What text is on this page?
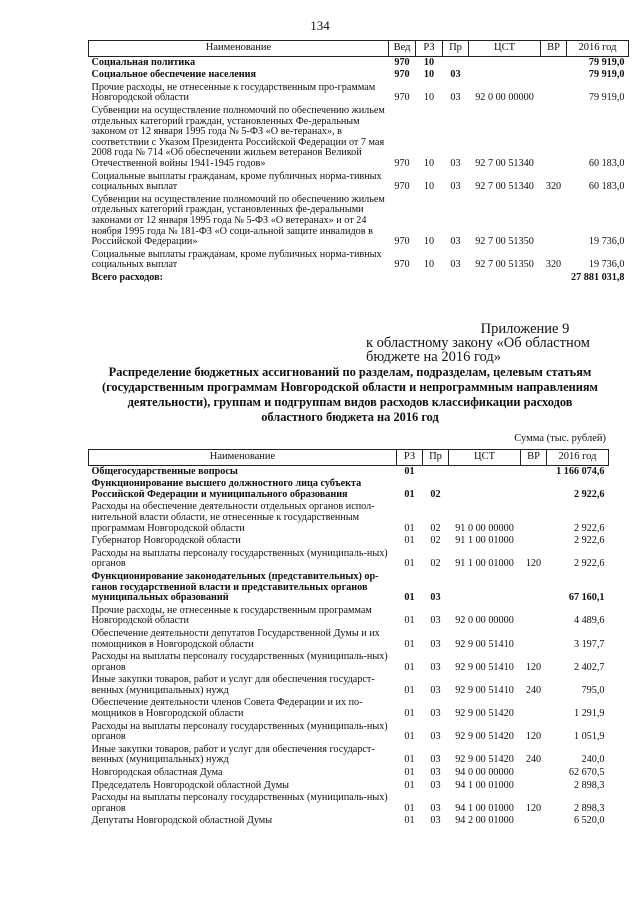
134
Наименование	Вед	РЗ	Пр	ЦСТ	ВР	2016 год
Социальная политика	970	10				79 919,0
Социальное обеспечение населения	970	10	03			79 919,0
Прочие расходы, не отнесенные к государственным про-граммам Новгородской области	970	10	03	92 0 00 00000		79 919,0
Субвенции на осуществление полномочий по обеспечению жильем отдельных категорий граждан, установленных Фе-деральным законом от 12 января 1995 года № 5-ФЗ «О ве-теранах», в соответствии с Указом Президента Российской Федерации от 7 мая 2008 года № 714 «Об обеспечении жильем ветеранов Великой Отечественной войны 1941-1945 годов»	970	10	03	92 7 00 51340		60 183,0
Социальные выплаты гражданам, кроме публичных норма-тивных социальных выплат	970	10	03	92 7 00 51340	320	60 183,0
Субвенции на осуществление полномочий по обеспечению жильем отдельных категорий граждан, установленных фе-деральными законами от 12 января 1995 года № 5-ФЗ «О ветеранах» и от 24 ноября 1995 года № 181-ФЗ «О соци-альной защите инвалидов в Российской Федерации»	970	10	03	92 7 00 51350		19 736,0
Социальные выплаты гражданам, кроме публичных норма-тивных социальных выплат	970	10	03	92 7 00 51350	320	19 736,0
Всего расходов:						27 881 031,8
Приложение 9
к областному закону «Об областном
бюджете на 2016 год»
Распределение бюджетных ассигнований по разделам, подразделам, целевым статьям (государственным программам Новгородской области и непрограммным направлениям деятельности), группам и подгруппам видов расходов классификации расходов областного бюджета на 2016 год
Сумма (тыс. рублей)
Наименование	РЗ	Пр	ЦСТ	ВР	2016 год
Общегосударственные вопросы	01				1 166 074,6
Функционирование высшего должностного лица субъекта Российской Федерации и муниципального образования	01	02			2 922,6
Расходы на обеспечение деятельности отдельных органов испол-нительной власти области, не отнесенные к государственным программам Новгородской области	01	02	91 0 00 00000		2 922,6
Губернатор Новгородской области	01	02	91 1 00 01000		2 922,6
Расходы на выплаты персоналу государственных (муниципаль-ных) органов	01	02	91 1 00 01000	120	2 922,6
Функционирование законодательных (представительных) ор-ганов государственной власти и представительных органов муниципальных образований	01	03			67 160,1
Прочие расходы, не отнесенные к государственным программам Новгородской области	01	03	92 0 00 00000		4 489,6
Обеспечение деятельности депутатов Государственной Думы и их помощников в Новгородской области	01	03	92 9 00 51410		3 197,7
Расходы на выплаты персоналу государственных (муниципаль-ных) органов	01	03	92 9 00 51410	120	2 402,7
Иные закупки товаров, работ и услуг для обеспечения государст-венных (муниципальных) нужд	01	03	92 9 00 51410	240	795,0
Обеспечение деятельности членов Совета Федерации и их по-мощников в Новгородской области	01	03	92 9 00 51420		1 291,9
Расходы на выплаты персоналу государственных (муниципаль-ных) органов	01	03	92 9 00 51420	120	1 051,9
Иные закупки товаров, работ и услуг для обеспечения государст-венных (муниципальных) нужд	01	03	92 9 00 51420	240	240,0
Новгородская областная Дума	01	03	94 0 00 00000		62 670,5
Председатель Новгородской областной Думы	01	03	94 1 00 01000		2 898,3
Расходы на выплаты персоналу государственных (муниципаль-ных) органов	01	03	94 1 00 01000	120	2 898,3
Депутаты Новгородской областной Думы	01	03	94 2 00 01000		6 520,0
